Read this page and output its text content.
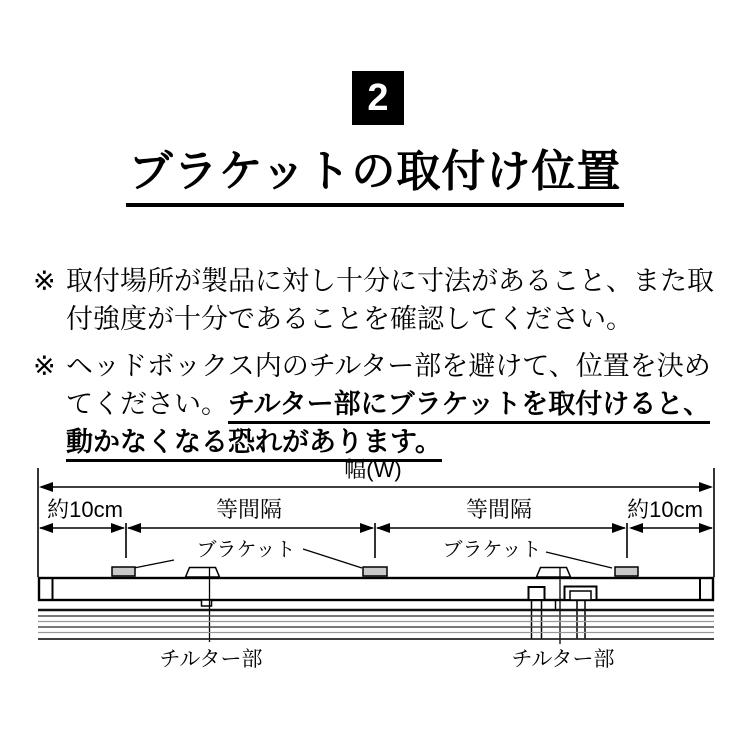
2
ブラケットの取付け位置
※ 取付場所が製品に対し十分に寸法があること、また取
付強度が十分であることを確認してください。
※ ヘッドボックス内のチルター部を避けて、位置を決め
てください。チルター部にブラケットを取付けると、
動かなくなる恐れがあります。
幅(W)
約10cm	等間隔	等間隔	約10cm
ブラケット	ブラケット
チルター部	チルター部
